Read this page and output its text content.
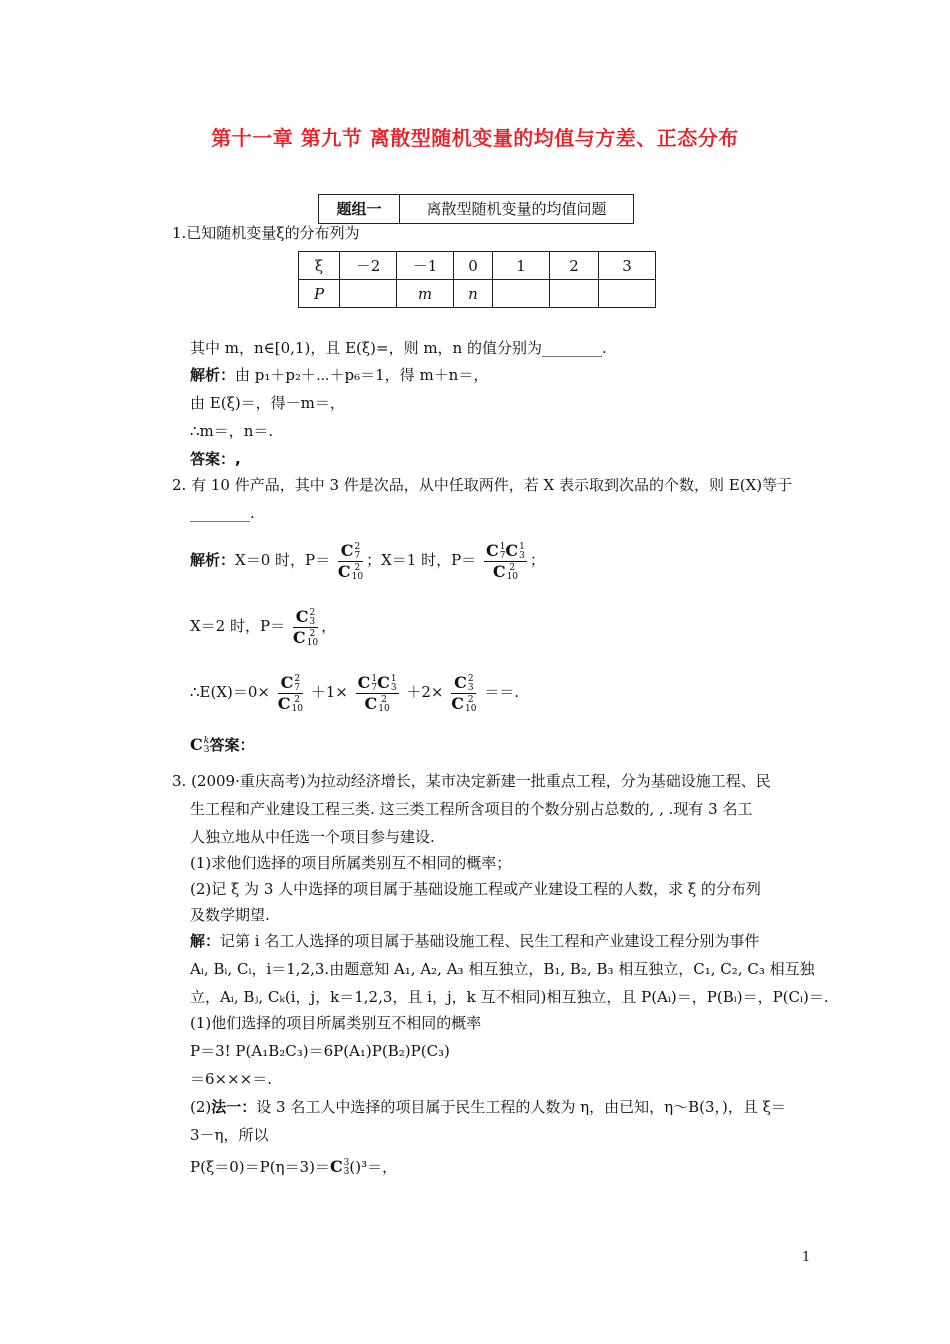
第十一章 第九节 离散型随机变量的均值与方差、正态分布
题组一	离散型随机变量的均值问题
1.已知随机变量ξ的分布列为
ξ	－2	－1	0	1	2	3
P		m	n			
其中 m，n∈[0,1)，且 E(ξ)=，则 m，n 的值分别为________.
解析：由 p₁＋p₂＋⋯＋p₆＝1，得 m＋n＝，
由 E(ξ)＝，得－m＝，
∴m＝，n＝.
答案：,
2. 有 10 件产品，其中 3 件是次品，从中任取两件，若 X 表示取到次品的个数，则 E(X)等于
________.
解析：X＝0 时，P＝ C 2
7
C 2
10 ；X＝1 时，P＝ C 1
7 C 1
3
C 2
10 ；
X＝2 时，P＝ C 2
3
C 2
10 ，
∴E(X)＝0× C 2
7
C 2
10 ＋1× C 1
7 C 1
3
C 2
10 ＋2× C 2
3
C 2
10 ＝＝.
C k
3 答案：
3. (2009·重庆高考)为拉动经济增长，某市决定新建一批重点工程，分为基础设施工程、民
生工程和产业建设工程三类. 这三类工程所含项目的个数分别占总数的, , .现有 3 名工
人独立地从中任选一个项目参与建设.
(1)求他们选择的项目所属类别互不相同的概率；
(2)记 ξ 为 3 人中选择的项目属于基础设施工程或产业建设工程的人数，求 ξ 的分布列
及数学期望.
解：记第 i 名工人选择的项目属于基础设施工程、民生工程和产业建设工程分别为事件
Aᵢ, Bᵢ, Cᵢ，i＝1,2,3.由题意知 A₁, A₂, A₃ 相互独立，B₁, B₂, B₃ 相互独立，C₁, C₂, C₃ 相互独
立，Aᵢ, Bⱼ, Cₖ(i，j，k＝1,2,3，且 i，j，k 互不相同)相互独立，且 P(Aᵢ)＝，P(Bᵢ)＝，P(Cᵢ)＝.
(1)他们选择的项目所属类别互不相同的概率
P＝3! P(A₁B₂C₃)＝6P(A₁)P(B₂)P(C₃)
＝6×××＝.
(2)法一：设 3 名工人中选择的项目属于民生工程的人数为 η，由已知，η～B(3，)，且 ξ＝
3－η，所以
P(ξ＝0)＝P(η＝3)＝C 3
3 ()³＝，
1
